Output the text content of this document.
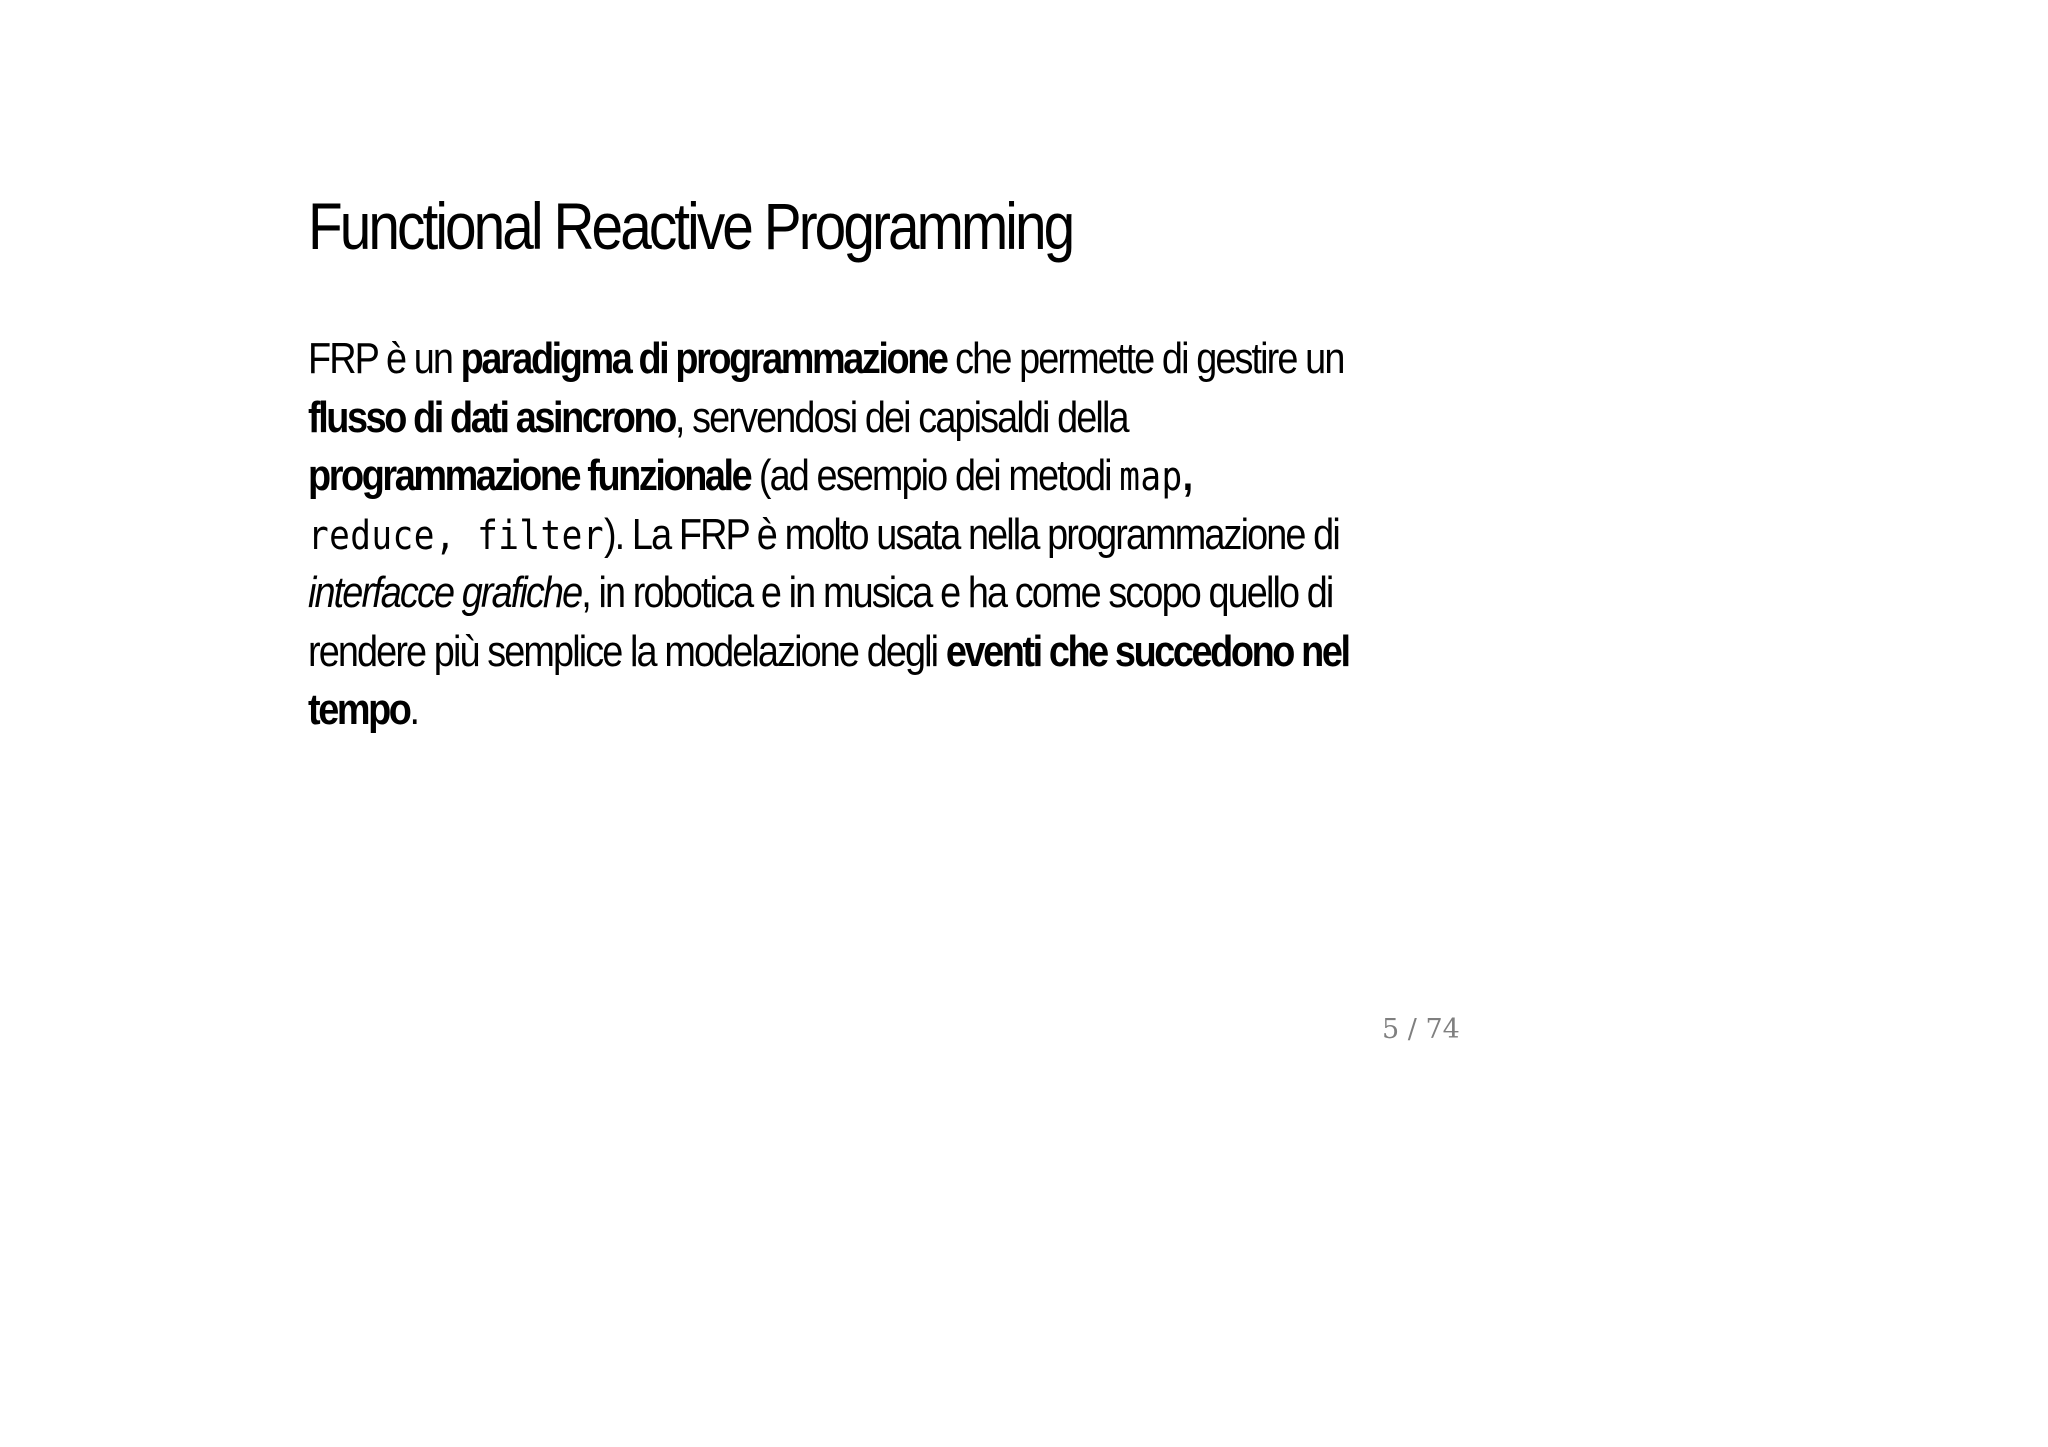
Functional Reactive Programming
FRP è un paradigma di programmazione che permette di gestire un
flusso di dati asincrono, servendosi dei capisaldi della
programmazione funzionale (ad esempio dei metodi map,
reduce, filter). La FRP è molto usata nella programmazione di
interfacce grafiche, in robotica e in musica e ha come scopo quello di
rendere più semplice la modelazione degli eventi che succedono nel
tempo.
5 / 74
